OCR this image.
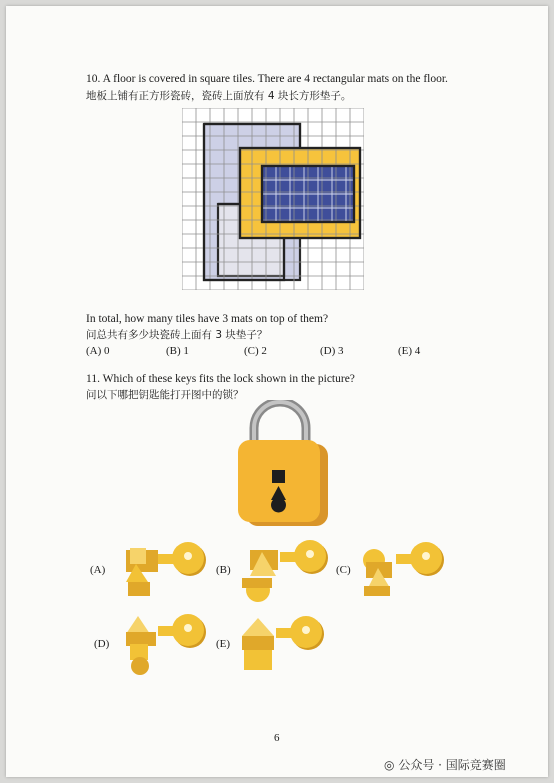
10. A floor is covered in square tiles. There are 4 rectangular mats on the floor.
地板上铺有正方形瓷砖，瓷砖上面放有 4 块长方形垫子。
In total, how many tiles have 3 mats on top of them?
问总共有多少块瓷砖上面有 3 块垫子？
(A) 0	(B) 1	(C) 2	(D) 3	(E) 4
11. Which of these keys fits the lock shown in the picture?
问以下哪把钥匙能打开图中的锁？
(A)	(B)	(C)
(D)	(E)
6
◎ 公众号 · 国际竞赛圈
